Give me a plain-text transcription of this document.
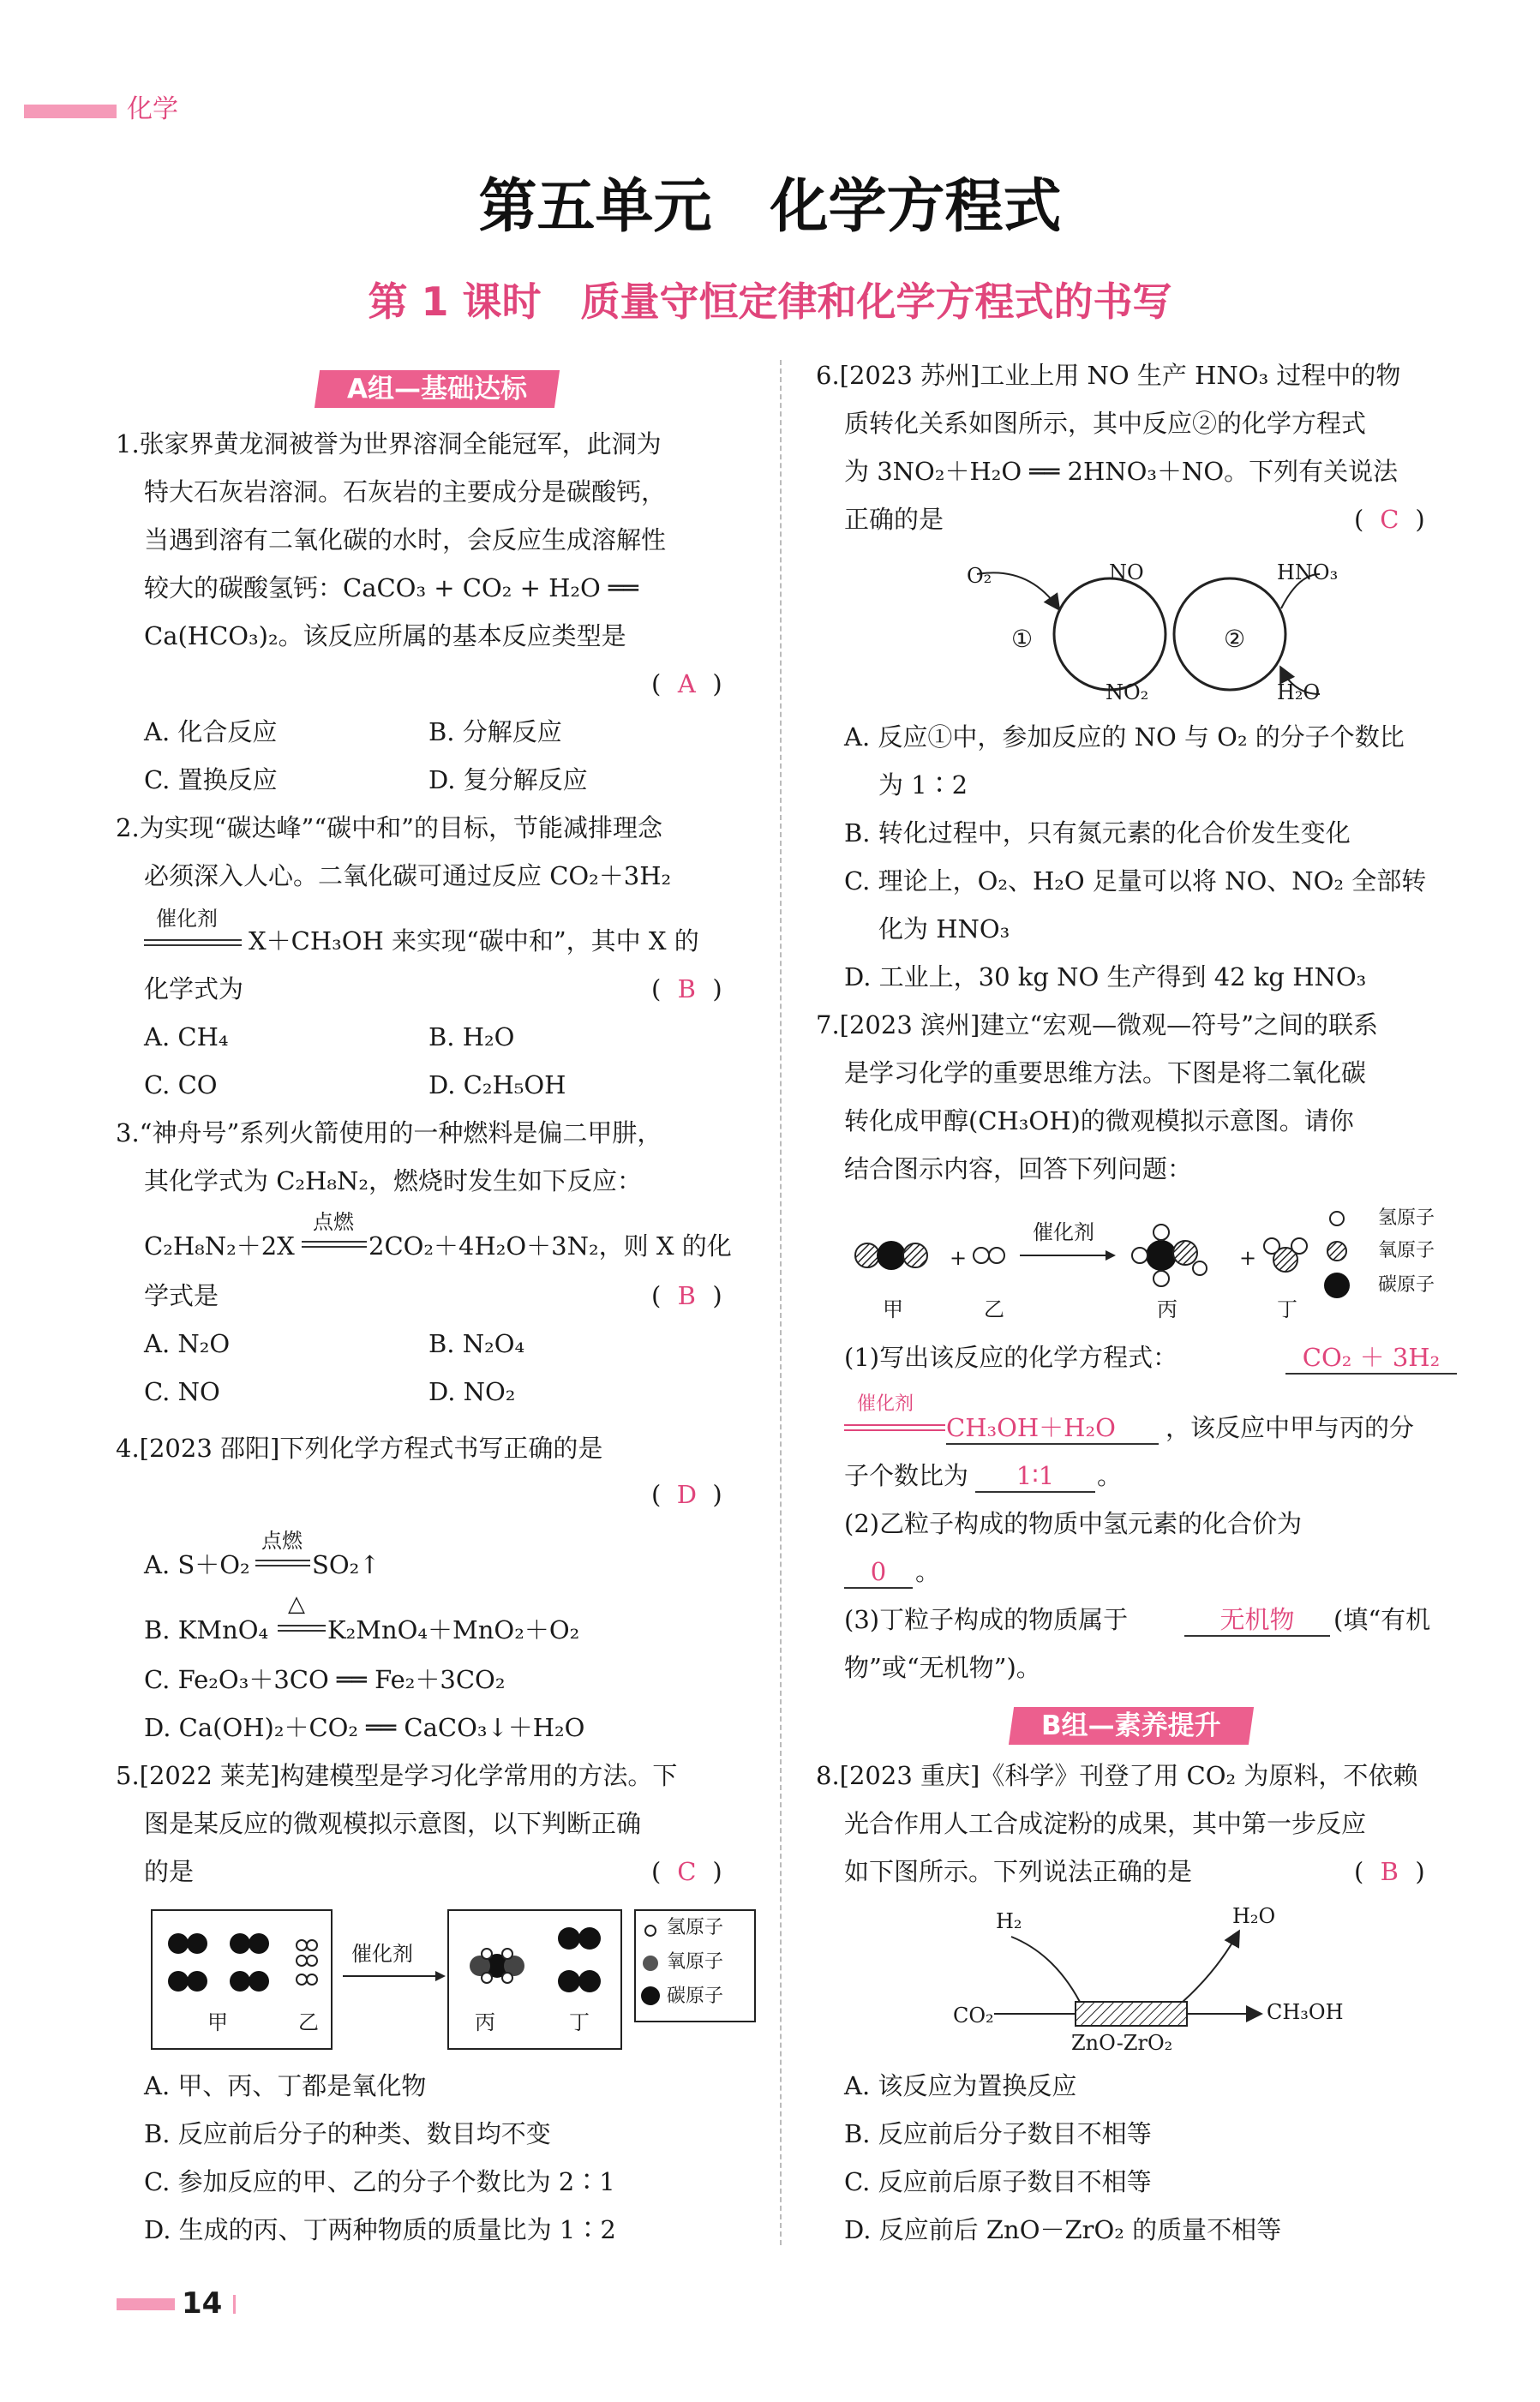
化学
第五单元　化学方程式
第 1 课时　质量守恒定律和化学方程式的书写
A组—基础达标
1.张家界黄龙洞被誉为世界溶洞全能冠军，此洞为
特大石灰岩溶洞。石灰岩的主要成分是碳酸钙，
当遇到溶有二氧化碳的水时，会反应生成溶解性
较大的碳酸氢钙：CaCO₃ + CO₂ + H₂O ══
Ca(HCO₃)₂。该反应所属的基本反应类型是
( A )
A. 化合反应	B. 分解反应
C. 置换反应	D. 复分解反应
2.为实现“碳达峰”“碳中和”的目标，节能减排理念
必须深入人心。二氧化碳可通过反应 CO₂＋3H₂
催化剂
X＋CH₃OH 来实现“碳中和”，其中 X 的
化学式为	( B )
A. CH₄	B. H₂O
C. CO	D. C₂H₅OH
3.“神舟号”系列火箭使用的一种燃料是偏二甲肼，
其化学式为 C₂H₈N₂，燃烧时发生如下反应：
C₂H₈N₂＋2X
点燃
2CO₂＋4H₂O＋3N₂，则 X 的化
学式是	( B )
A. N₂O	B. N₂O₄
C. NO	D. NO₂
4.[2023 邵阳]下列化学方程式书写正确的是
( D )
A. S＋O₂
点燃
SO₂↑
B. KMnO₄
△
K₂MnO₄＋MnO₂＋O₂
C. Fe₂O₃＋3CO ══ Fe₂＋3CO₂
D. Ca(OH)₂＋CO₂ ══ CaCO₃↓＋H₂O
5.[2022 莱芜]构建模型是学习化学常用的方法。下
图是某反应的微观模拟示意图，以下判断正确
的是	( C )
甲	乙
催化剂
丙	丁
氢原子
氧原子
碳原子
A. 甲、丙、丁都是氧化物
B. 反应前后分子的种类、数目均不变
C. 参加反应的甲、乙的分子个数比为 2∶1
D. 生成的丙、丁两种物质的质量比为 1∶2
6.[2023 苏州]工业上用 NO 生产 HNO₃ 过程中的物
质转化关系如图所示，其中反应②的化学方程式
为 3NO₂＋H₂O ══ 2HNO₃＋NO。下列有关说法
正确的是	( C )
O₂	NO	HNO₃
①	②
NO₂	H₂O
A. 反应①中，参加反应的 NO 与 O₂ 的分子个数比
为 1∶2
B. 转化过程中，只有氮元素的化合价发生变化
C. 理论上，O₂、H₂O 足量可以将 NO、NO₂ 全部转
化为 HNO₃
D. 工业上，30 kg NO 生产得到 42 kg HNO₃
7.[2023 滨州]建立“宏观—微观—符号”之间的联系
是学习化学的重要思维方法。下图是将二氧化碳
转化成甲醇(CH₃OH)的微观模拟示意图。请你
结合图示内容，回答下列问题：
+	+
催化剂
甲	乙	丙	丁
氢原子
氧原子
碳原子
(1)写出该反应的化学方程式：	CO₂ ＋ 3H₂
催化剂
CH₃OH＋H₂O	，该反应中甲与丙的分
子个数比为	1∶1	。
(2)乙粒子构成的物质中氢元素的化合价为
0	。
(3)丁粒子构成的物质属于	无机物	(填“有机
物”或“无机物”)。
B组—素养提升
8.[2023 重庆]《科学》刊登了用 CO₂ 为原料，不依赖
光合作用人工合成淀粉的成果，其中第一步反应
如下图所示。下列说法正确的是	( B )
H₂	H₂O
CO₂	CH₃OH
ZnO-ZrO₂
A. 该反应为置换反应
B. 反应前后分子数目不相等
C. 反应前后原子数目不相等
D. 反应前后 ZnO－ZrO₂ 的质量不相等
14
